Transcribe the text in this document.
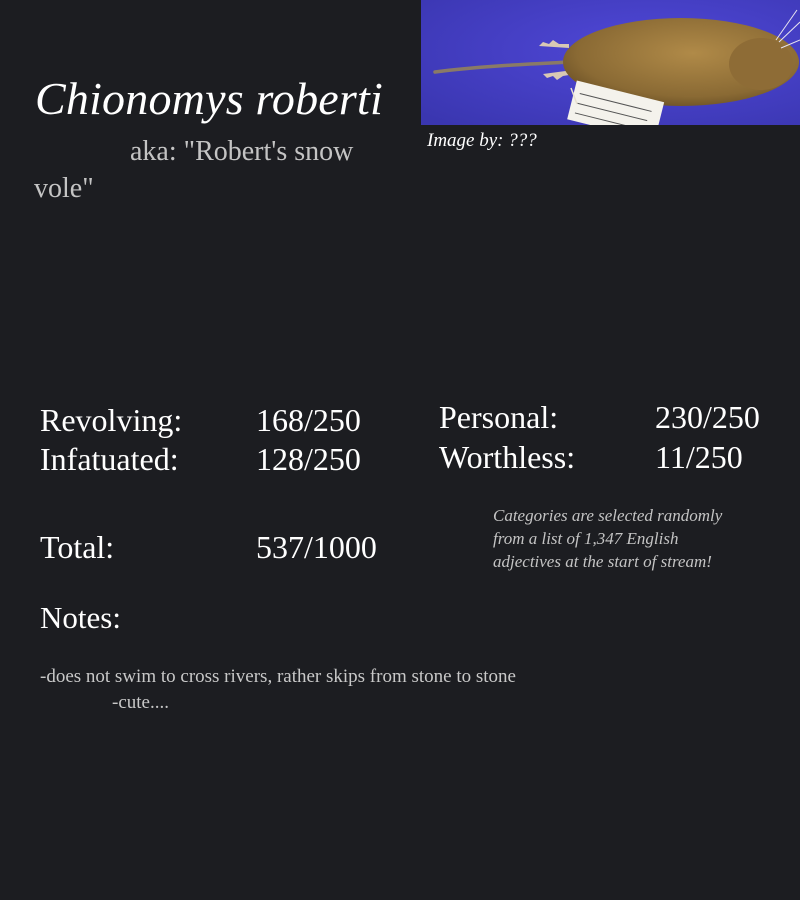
Chionomys roberti
aka: "Robert's snow vole"
Image by: ???
Revolving: 168/250
Infatuated: 128/250
Personal:	230/250
Worthless: 11/250
Total:	537/1000
Categories are selected randomly from a list of 1,347 English adjectives at the start of stream!
Notes:
-does not swim to cross rivers, rather skips from stone to stone
-cute....
